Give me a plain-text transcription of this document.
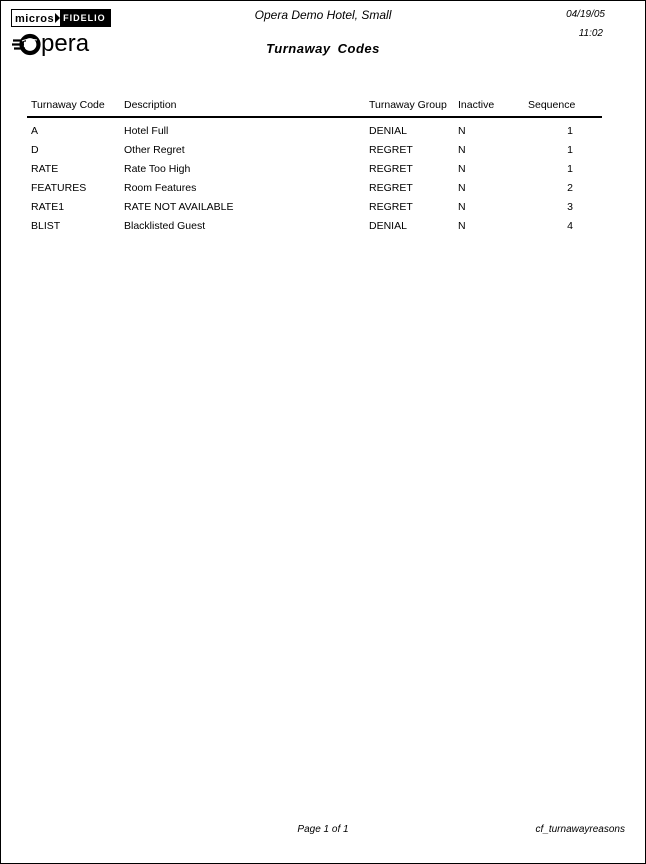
micros	FIDELIO
pera
Opera Demo Hotel, Small
Turnaway Codes
04/19/05
11:02
Turnaway Code	Description	Turnaway Group	Inactive	Sequence
A	Hotel Full	DENIAL	N	1
D	Other Regret	REGRET	N	1
RATE	Rate Too High	REGRET	N	1
FEATURES	Room Features	REGRET	N	2
RATE1	RATE NOT AVAILABLE	REGRET	N	3
BLIST	Blacklisted Guest	DENIAL	N	4
Page 1 of 1	cf_turnawayreasons
